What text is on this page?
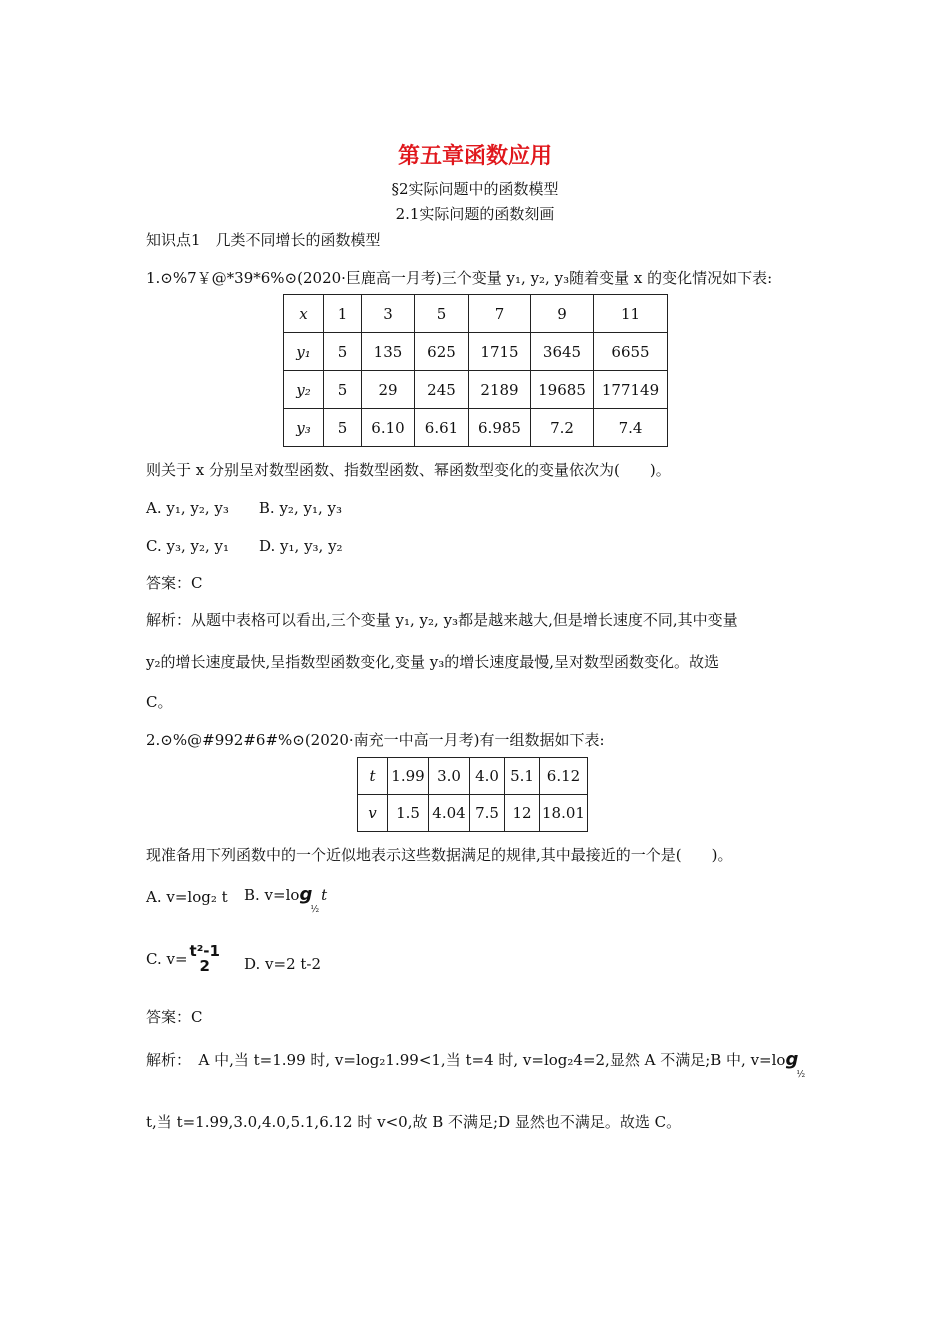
第五章函数应用
§2实际问题中的函数模型
2.1实际问题的函数刻画
知识点1　几类不同增长的函数模型
1.⊙%7￥@*39*6%⊙(2020·巨鹿高一月考)三个变量 y₁, y₂, y₃随着变量 x 的变化情况如下表:
x	1	3	5	7	9	11
y₁	5	135	625	1715	3645	6655
y₂	5	29	245	2189	19685	177149
y₃	5	6.10	6.61	6.985	7.2	7.4
则关于 x 分别呈对数型函数、指数型函数、幂函数型变化的变量依次为(　　)。
A. y₁, y₂, y₃　　B. y₂, y₁, y₃
C. y₃, y₂, y₁　　D. y₁, y₃, y₂
答案：C
解析：从题中表格可以看出,三个变量 y₁, y₂, y₃都是越来越大,但是增长速度不同,其中变量
y₂的增长速度最快,呈指数型函数变化,变量 y₃的增长速度最慢,呈对数型函数变化。故选
C。
2.⊙%@#992#6#%⊙(2020·南充一中高一月考)有一组数据如下表:
t	1.99	3.0	4.0	5.1	6.12
v	1.5	4.04	7.5	12	18.01
现准备用下列函数中的一个近似地表示这些数据满足的规律,其中最接近的一个是(　　)。
A. v=log₂ t B. $v=\log_{\frac{1}{2}}t$
C. v= t²-1
2	D. v=2 t-2
答案：C
解析：　A 中,当 t=1.99 时, v=log₂1.99<1,当 t=4 时, v=log₂4=2,显然 A 不满足;B 中, $v=\log_{\frac{1}{2}}$
t,当 t=1.99,3.0,4.0,5.1,6.12 时 v<0,故 B 不满足;D 显然也不满足。故选 C。
